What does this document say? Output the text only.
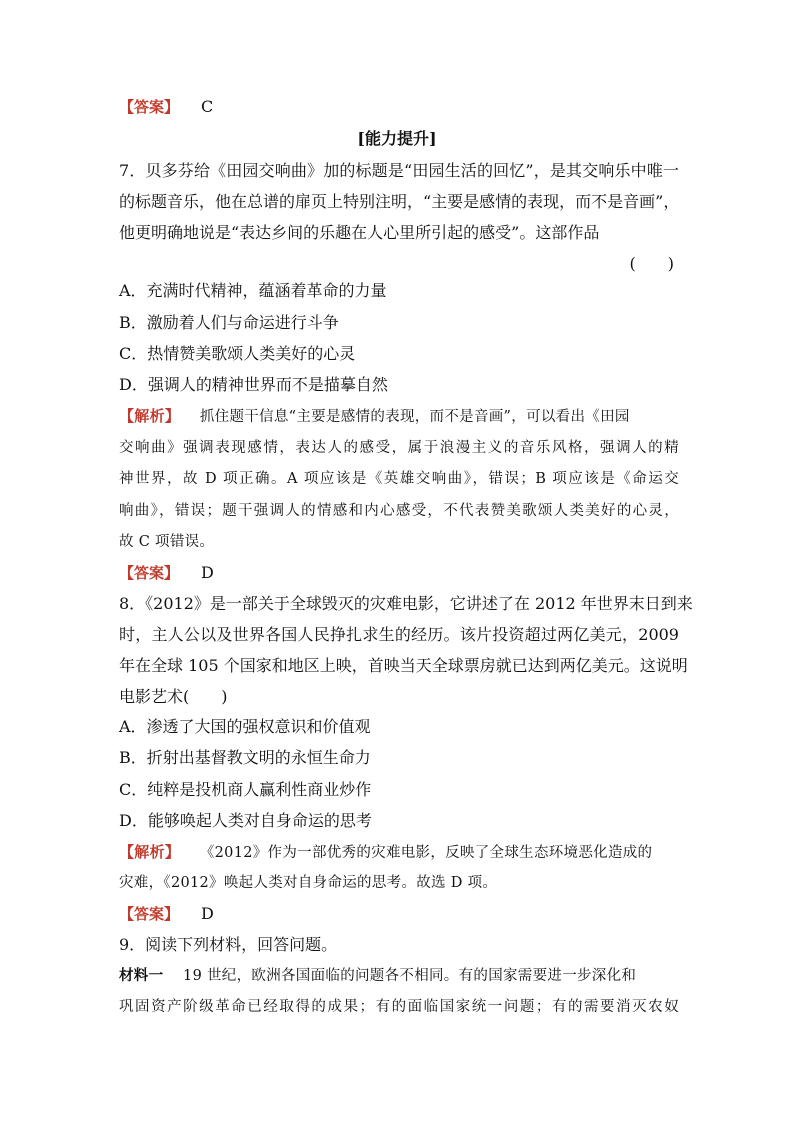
【答案】 C
[能力提升]
7．贝多芬给《田园交响曲》加的标题是“田园生活的回忆”，是其交响乐中唯一
的标题音乐，他在总谱的扉页上特别注明，“主要是感情的表现，而不是音画”，
他更明确地说是“表达乡间的乐趣在人心里所引起的感受”。这部作品
(　　)
A．充满时代精神，蕴涵着革命的力量
B．激励着人们与命运进行斗争
C．热情赞美歌颂人类美好的心灵
D．强调人的精神世界而不是描摹自然
【解析】 抓住题干信息“主要是感情的表现，而不是音画”，可以看出《田园
交响曲》强调表现感情，表达人的感受，属于浪漫主义的音乐风格，强调人的精
神世界，故 D 项正确。A 项应该是《英雄交响曲》，错误；B 项应该是《命运交
响曲》，错误；题干强调人的情感和内心感受，不代表赞美歌颂人类美好的心灵，
故 C 项错误。
【答案】 D
8．《2012》是一部关于全球毁灭的灾难电影，它讲述了在 2012 年世界末日到来
时，主人公以及世界各国人民挣扎求生的经历。该片投资超过两亿美元，2009
年在全球 105 个国家和地区上映，首映当天全球票房就已达到两亿美元。这说明
电影艺术(　　)
A．渗透了大国的强权意识和价值观
B．折射出基督教文明的永恒生命力
C．纯粹是投机商人赢利性商业炒作
D．能够唤起人类对自身命运的思考
【解析】 《2012》作为一部优秀的灾难电影，反映了全球生态环境恶化造成的
灾难，《2012》唤起人类对自身命运的思考。故选 D 项。
【答案】 D
9．阅读下列材料，回答问题。
材料一 19 世纪，欧洲各国面临的问题各不相同。有的国家需要进一步深化和
巩固资产阶级革命已经取得的成果；有的面临国家统一问题；有的需要消灭农奴
